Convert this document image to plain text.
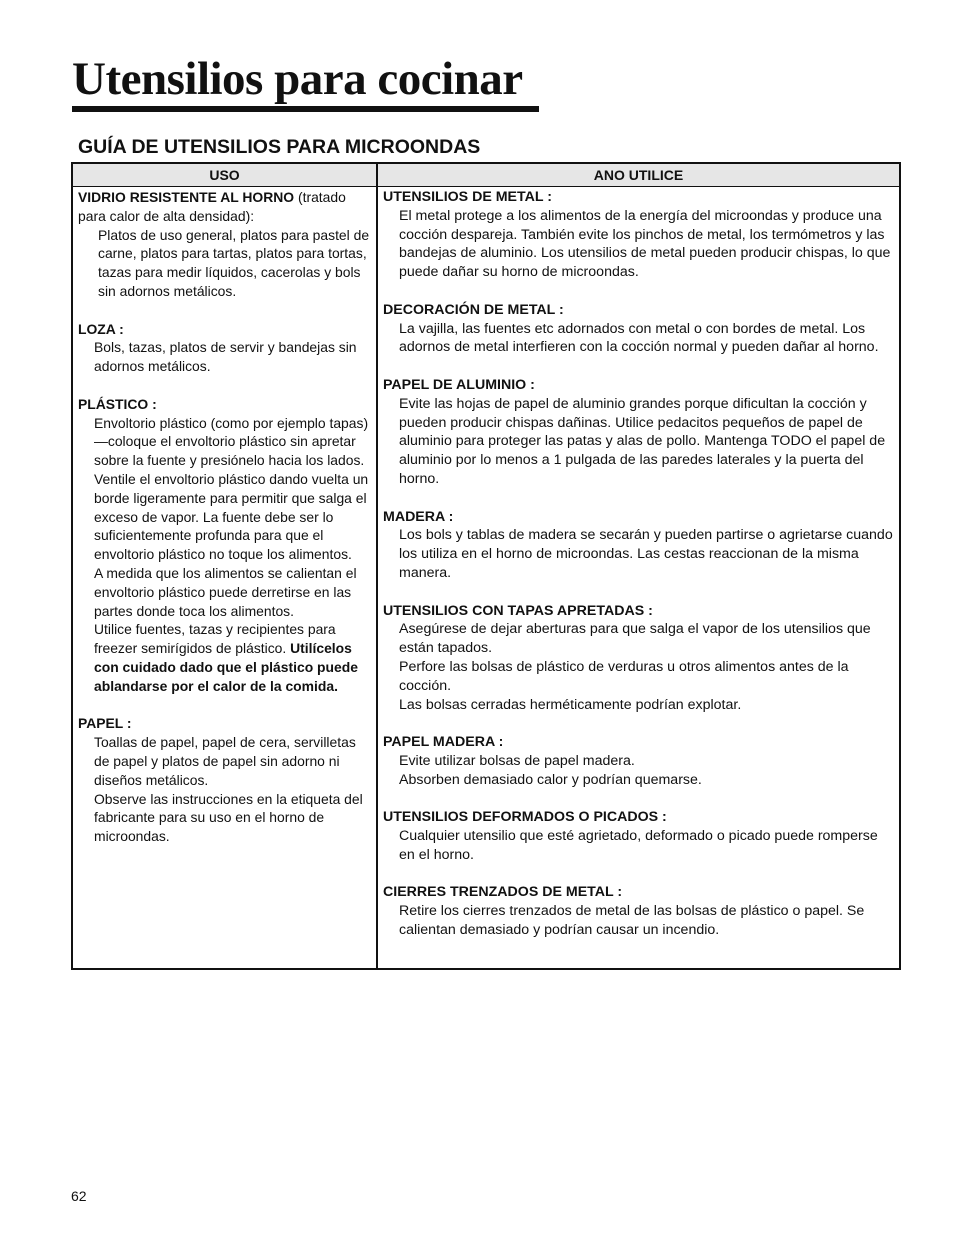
Utensilios para cocinar
GUÍA DE UTENSILIOS PARA MICROONDAS
USO	ANO UTILICE
VIDRIO RESISTENTE AL HORNO (tratado para calor de alta densidad):

Platos de uso general, platos para pastel de carne, platos para tartas, platos para tortas, tazas para medir líquidos, cacerolas y bols sin adornos metálicos.

LOZA :

Bols, tazas, platos de servir y bandejas sin adornos metálicos.

PLÁSTICO :

Envoltorio plástico (como por ejemplo tapas)—coloque el envoltorio plástico sin apretar sobre la fuente y presiónelo hacia los lados.

Ventile el envoltorio plástico dando vuelta un borde ligeramente para permitir que salga el exceso de vapor. La fuente debe ser lo suficientemente profunda para que el envoltorio plástico no toque los alimentos.

A medida que los alimentos se calientan el envoltorio plástico puede derretirse en las partes donde toca los alimentos.

Utilice fuentes, tazas y recipientes para freezer semirígidos de plástico. Utilícelos con cuidado dado que el plástico puede ablandarse por el calor de la comida.

PAPEL :

Toallas de papel, papel de cera, servilletas de papel y platos de papel sin adorno ni diseños metálicos.

Observe las instrucciones en la etiqueta del fabricante para su uso en el horno de microondas.

UTENSILIOS DE METAL :

El metal protege a los alimentos de la energía del microondas y produce una cocción despareja. También evite los pinchos de metal, los termómetros y las bandejas de aluminio. Los utensilios de metal pueden producir chispas, lo que puede dañar su horno de microondas.

DECORACIÓN DE METAL :

La vajilla, las fuentes etc adornados con metal o con bordes de metal. Los adornos de metal interfieren con la cocción normal y pueden dañar al horno.

PAPEL DE ALUMINIO :

Evite las hojas de papel de aluminio grandes porque dificultan la cocción y pueden producir chispas dañinas. Utilice pedacitos pequeños de papel de aluminio para proteger las patas y alas de pollo. Mantenga TODO el papel de aluminio por lo menos a 1 pulgada de las paredes laterales y la puerta del horno.

MADERA :

Los bols y tablas de madera se secarán y pueden partirse o agrietarse cuando los utiliza en el horno de microondas. Las cestas reaccionan de la misma manera.

UTENSILIOS CON TAPAS APRETADAS :

Asegúrese de dejar aberturas para que salga el vapor de los utensilios que están tapados.

Perfore las bolsas de plástico de verduras u otros alimentos antes de la cocción.

Las bolsas cerradas herméticamente podrían explotar.

PAPEL MADERA :

Evite utilizar bolsas de papel madera.

Absorben demasiado calor y podrían quemarse.

UTENSILIOS DEFORMADOS O PICADOS :

Cualquier utensilio que esté agrietado, deformado o picado puede romperse en el horno.

CIERRES TRENZADOS DE METAL :

Retire los cierres trenzados de metal de las bolsas de plástico o papel. Se calientan demasiado y podrían causar un incendio.

62
